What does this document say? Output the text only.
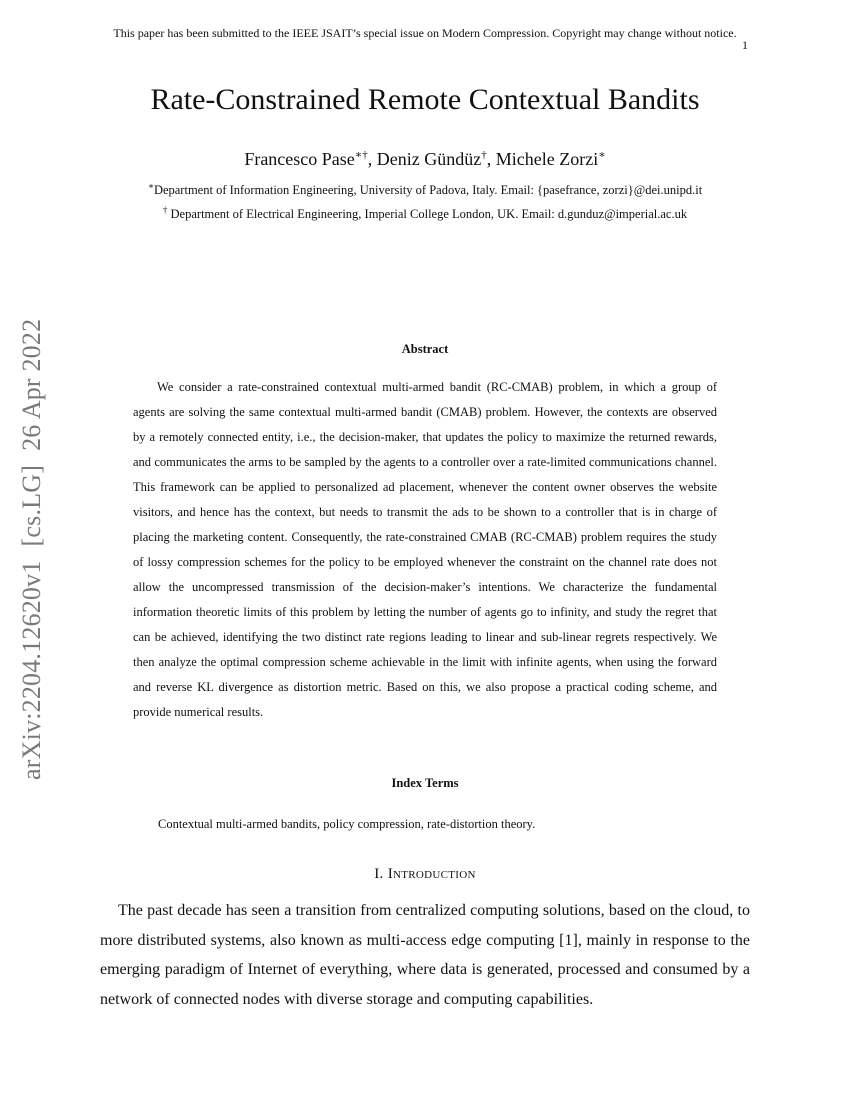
This paper has been submitted to the IEEE JSAIT’s special issue on Modern Compression. Copyright may change without notice.
1
Rate-Constrained Remote Contextual Bandits
Francesco Pase∗†, Deniz Gündüz†, Michele Zorzi∗
∗Department of Information Engineering, University of Padova, Italy. Email: {pasefrance, zorzi}@dei.unipd.it
† Department of Electrical Engineering, Imperial College London, UK. Email: d.gunduz@imperial.ac.uk
arXiv:2204.12620v1[cs.LG]26 Apr 2022	Abstract

We consider a rate-constrained contextual multi-armed bandit (RC-CMAB) problem, in which a group of agents are solving the same contextual multi-armed bandit (CMAB) problem. However, the contexts are observed by a remotely connected entity, i.e., the decision-maker, that updates the policy to maximize the returned rewards, and communicates the arms to be sampled by the agents to a controller over a rate-limited communications channel. This framework can be applied to personalized ad placement, whenever the content owner observes the website visitors, and hence has the context, but needs to transmit the ads to be shown to a controller that is in charge of placing the marketing content. Consequently, the rate-constrained CMAB (RC-CMAB) problem requires the study of lossy compression schemes for the policy to be employed whenever the constraint on the channel rate does not allow the uncompressed transmission of the decision-maker’s intentions. We characterize the fundamental information theoretic limits of this problem by letting the number of agents go to infinity, and study the regret that can be achieved, identifying the two distinct rate regions leading to linear and sub-linear regrets respectively. We then analyze the optimal compression scheme achievable in the limit with infinite agents, when using the forward and reverse KL divergence as distortion metric. Based on this, we also propose a practical coding scheme, and provide numerical results.

Index Terms
Contextual multi-armed bandits, policy compression, rate-distortion theory.
I. Introduction

The past decade has seen a transition from centralized computing solutions, based on the cloud, to more distributed systems, also known as multi-access edge computing [1], mainly in response to the emerging paradigm of Internet of everything, where data is generated, processed and consumed by a network of connected nodes with diverse storage and computing capabilities.
